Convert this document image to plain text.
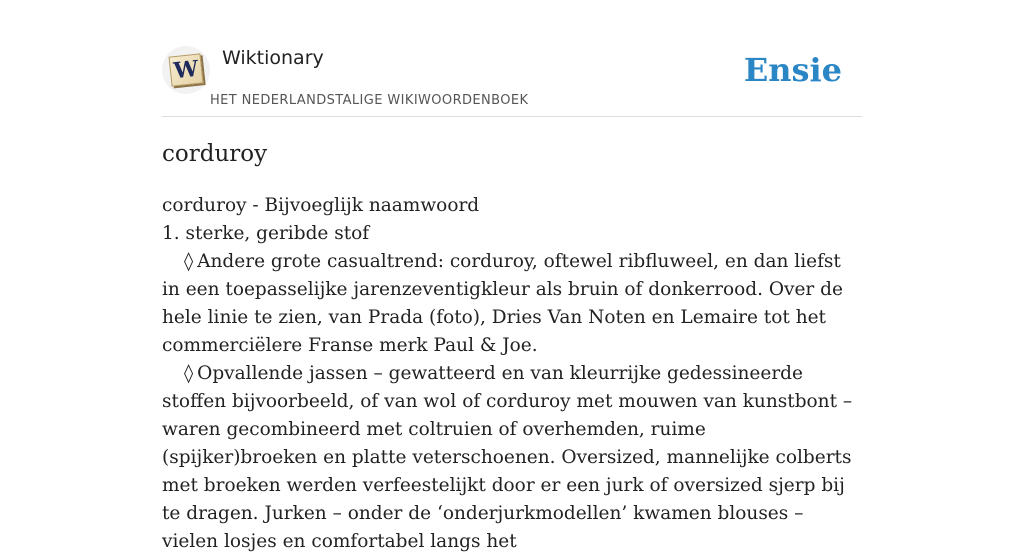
W Wiktionary
HET NEDERLANDSTALIGE WIKIWOORDENBOEK
Ensie
corduroy
corduroy - Bijvoeglijk naamwoord
1. sterke, geribde stof
◊ Andere grote casualtrend: corduroy, oftewel ribfluweel, en dan liefst in een toepasselijke jarenzeventigkleur als bruin of donkerrood. Over de hele linie te zien, van Prada (foto), Dries Van Noten en Lemaire tot het commerciëlere Franse merk Paul & Joe.
◊ Opvallende jassen – gewatteerd en van kleurrijke gedessineerde stoffen bijvoorbeeld, of van wol of corduroy met mouwen van kunstbont – waren gecombineerd met coltruien of overhemden, ruime (spijker)broeken en platte veterschoenen. Oversized, mannelijke colberts met broeken werden verfeestelijkt door er een jurk of oversized sjerp bij te dragen. Jurken – onder de ‘onderjurkmodellen’ kwamen blouses – vielen losjes en comfortabel langs het
